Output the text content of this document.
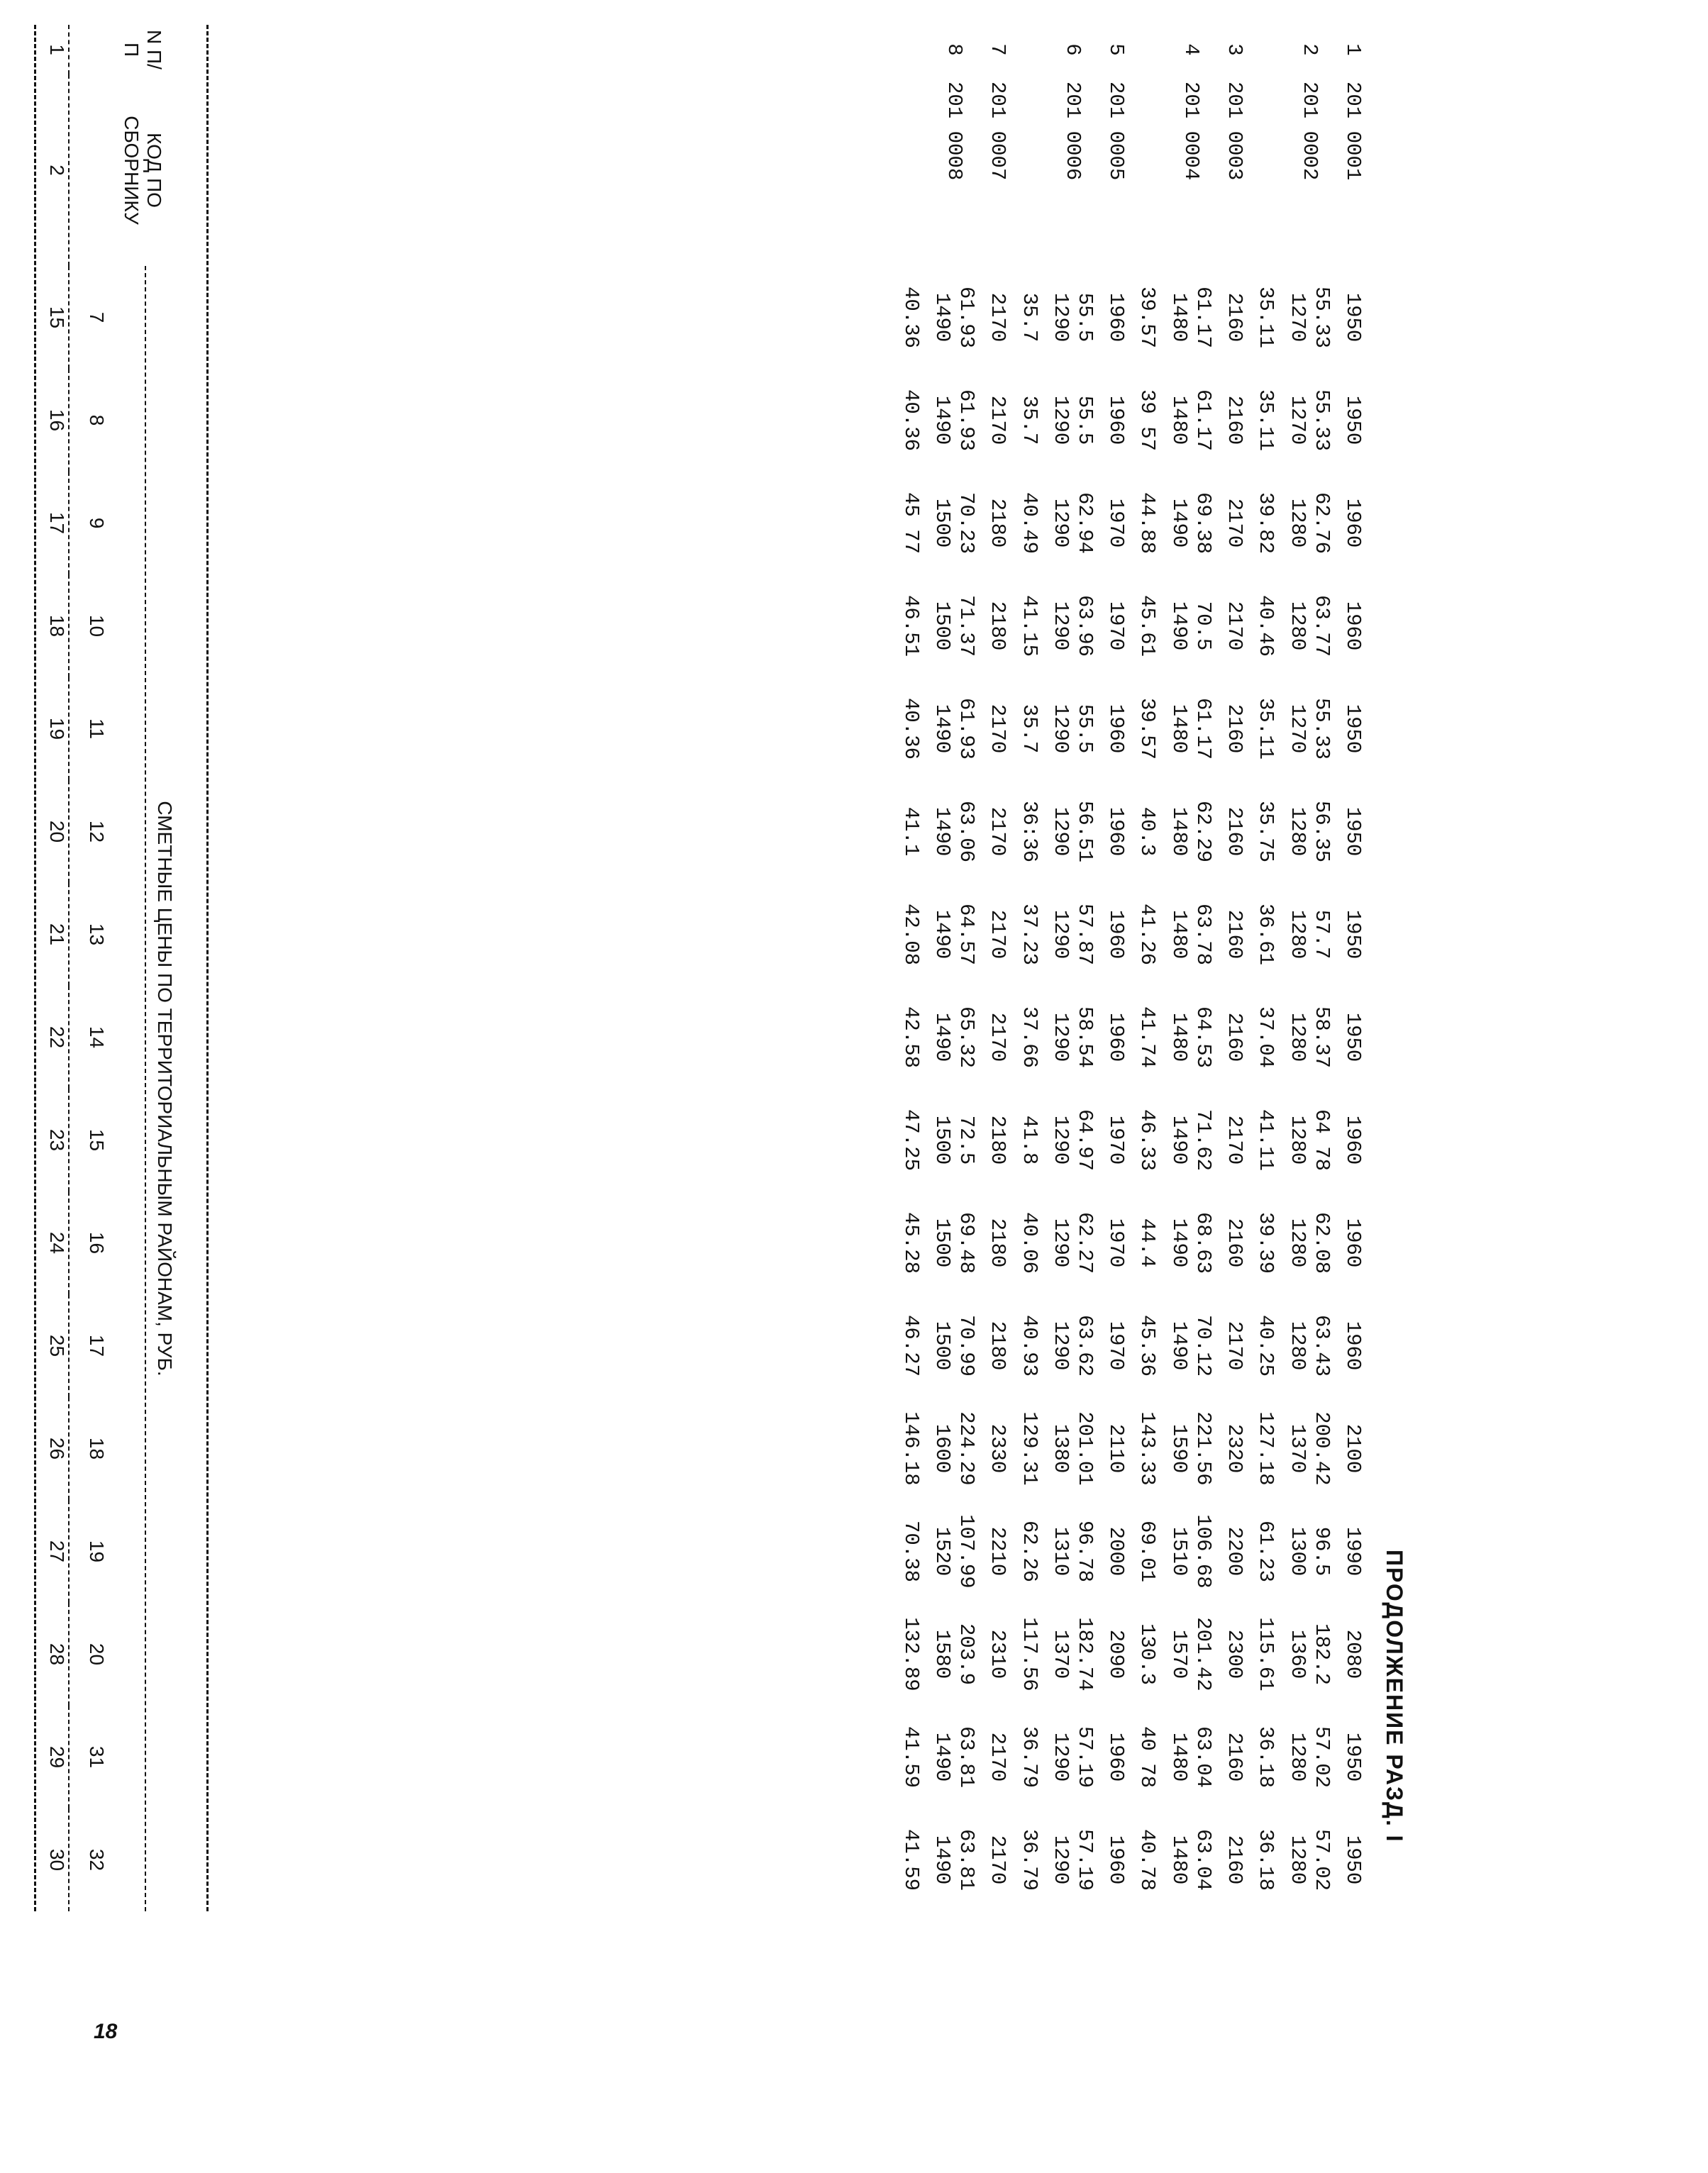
18
ПРОДОЛЖЕНИЕ РАЗД. I
N П/П
КОД ПО СБОРНИКУ
СМЕТНЫЕ ЦЕНЫ ПО ТЕРРИТОРИАЛЬНЫМ РАЙОНАМ, РУБ.
7
8
9
10
11
12
13
14
15
16
17
18
19
20
31
32
1
2
15
16
17
18
19
20
21
22
23
24
25
26
27
28
29
30
1
201 0001
1950
1950
1960
1960
1950
1950
1950
1950
1960
1960
1960
2100
1990
2080
1950
1950
2
201 0002
55.33 1270
55.33 1270
62.76 1280
63.77 1280
55.33 1270
56.35 1280
57.7 1280
58.37 1280
64 78 1280
62.08 1280
63.43 1280
200.42 1370
96.5 1300
182.2 1360
57.02 1280
57.02 1280
35.11
35.11
39.82
40.46
35.11
35.75
36.61
37.04
41.11
39.39
40.25
127.18
61.23
115.61
36.18
36.18
3
201 0003
2160
2160
2170
2170
2160
2160
2160
2160
2170
2160
2170
2320
2200
2300
2160
2160
4
201 0004
61.17 1480
61.17 1480
69.38 1490
70.5 1490
61.17 1480
62.29 1480
63.78 1480
64.53 1480
71.62 1490
68.63 1490
70.12 1490
221.56 1590
106.68 1510
201.42 1570
63.04 1480
63.04 1480
39.57
39 57
44.88
45.61
39.57
40.3
41.26
41.74
46.33
44.4
45.36
143.33
69.01
130.3
40 78
40.78
5
201 0005
1960
1960
1970
1970
1960
1960
1960
1960
1970
1970
1970
2110
2000
2090
1960
1960
6
201 0006
55.5 1290
55.5 1290
62.94 1290
63.96 1290
55.5 1290
56.51 1290
57.87 1290
58.54 1290
64.97 1290
62.27 1290
63.62 1290
201.01 1380
96.78 1310
182.74 1370
57.19 1290
57.19 1290
35.7
35.7
40.49
41.15
35.7
36:36
37.23
37.66
41.8
40.06
40.93
129.31
62.26
117.56
36.79
36.79
7
201 0007
2170
2170
2180
2180
2170
2170
2170
2170
2180
2180
2180
2330
2210
2310
2170
2170
8
201 0008
61.93 1490
61.93 1490
70.23 1500
71.37 1500
61.93 1490
63.06 1490
64.57 1490
65.32 1490
72.5 1500
69.48 1500
70.99 1500
224.29 1600
107.99 1520
203.9 1580
63.81 1490
63.81 1490
40.36
40.36
45 77
46.51
40.36
41.1
42.08
42.58
47.25
45.28
46.27
146.18
70.38
132.89
41.59
41.59
